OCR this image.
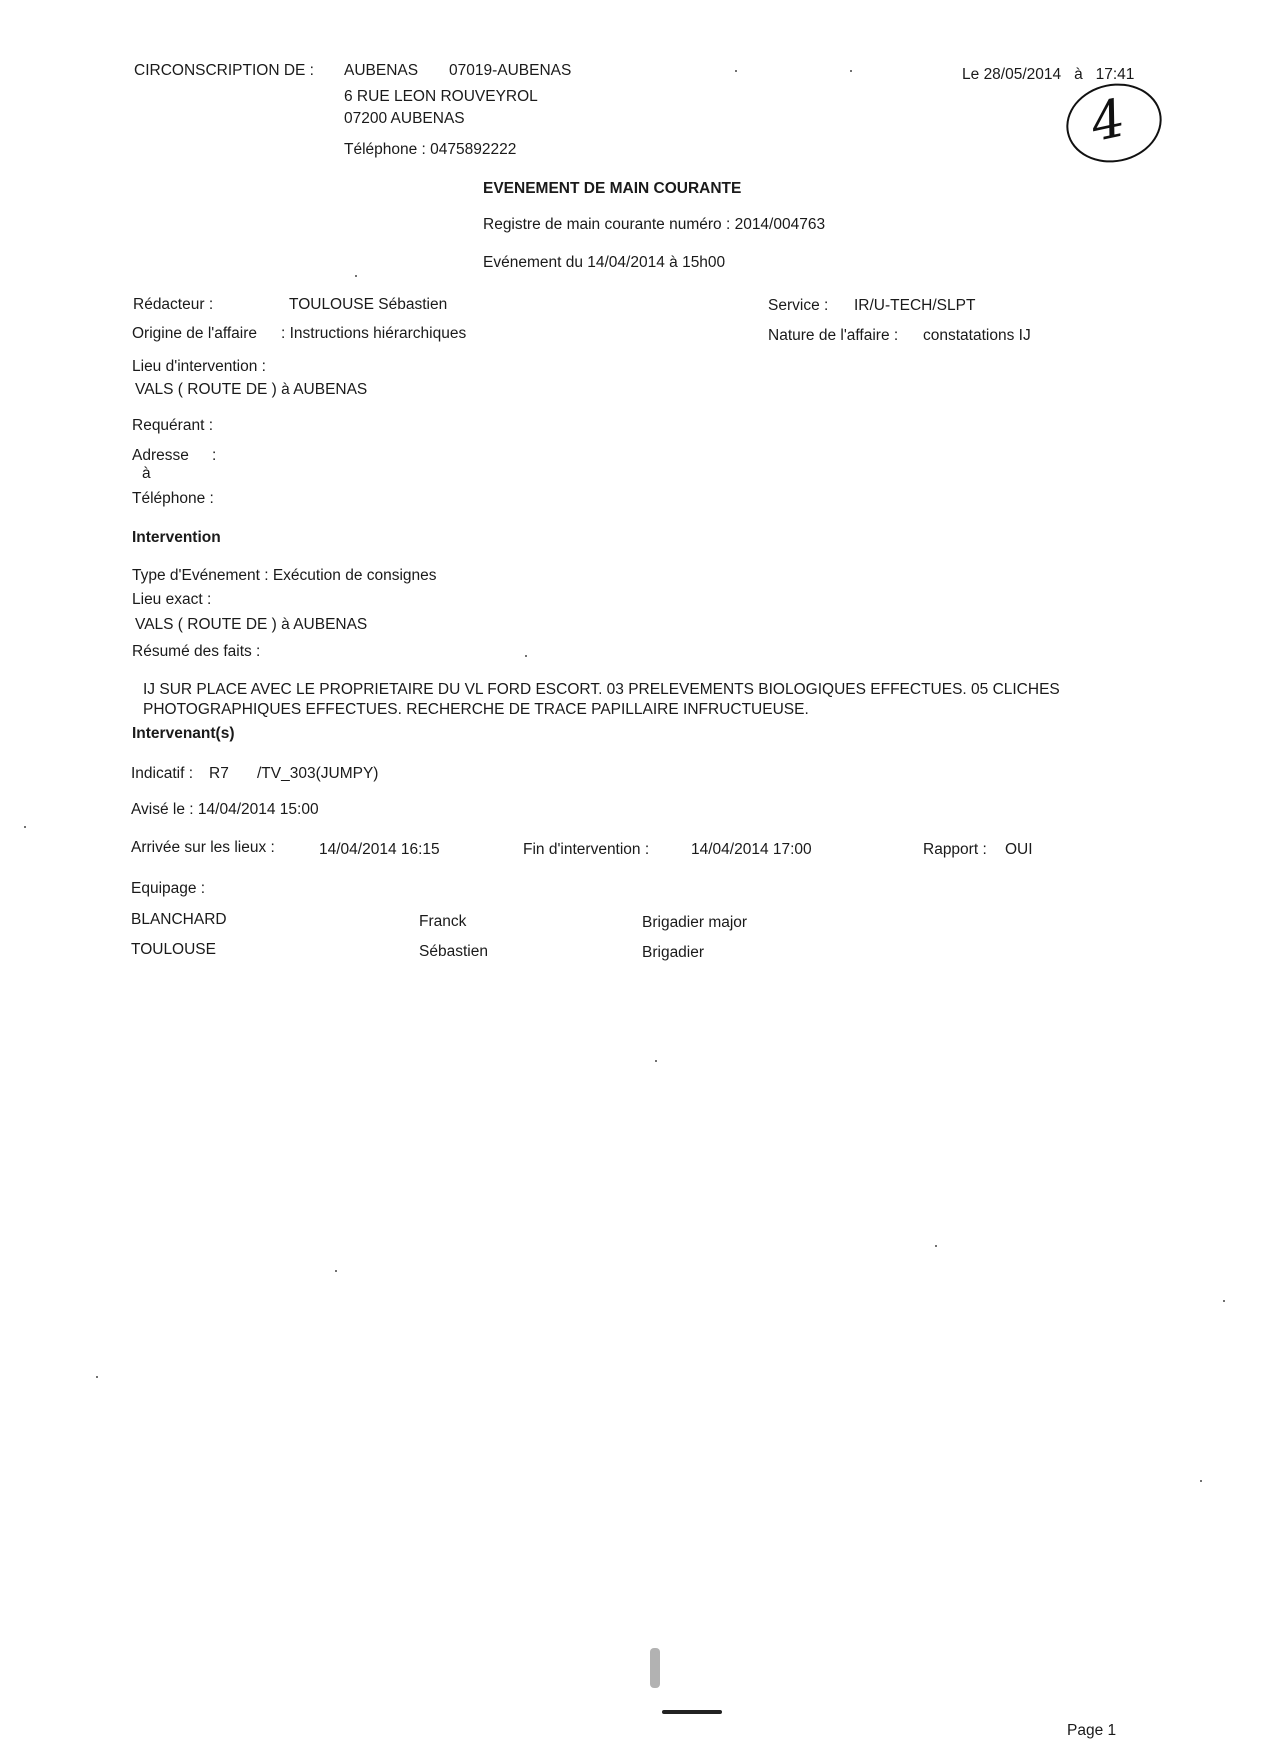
CIRCONSCRIPTION DE : AUBENAS 07019-AUBENAS
6 RUE LEON ROUVEYROL
07200 AUBENAS
Téléphone : 0475892222
Le 28/05/2014 à 17:41
4
EVENEMENT DE MAIN COURANTE
Registre de main courante numéro : 2014/004763
Evénement du 14/04/2014 à 15h00
Rédacteur :	TOULOUSE Sébastien	Service : IR/U-TECH/SLPT
Origine de l'affaire : Instructions hiérarchiques	Nature de l'affaire : constatations IJ
Lieu d'intervention :
VALS ( ROUTE DE ) à AUBENAS
Requérant :
Adresse :
à
Téléphone :
Intervention
Type d'Evénement : Exécution de consignes
Lieu exact :
VALS ( ROUTE DE ) à AUBENAS
Résumé des faits :
IJ SUR PLACE AVEC LE PROPRIETAIRE DU VL FORD ESCORT. 03 PRELEVEMENTS BIOLOGIQUES EFFECTUES. 05 CLICHES
PHOTOGRAPHIQUES EFFECTUES. RECHERCHE DE TRACE PAPILLAIRE INFRUCTUEUSE.
Intervenant(s)
Indicatif : R7 /TV_303(JUMPY)
Avisé le : 14/04/2014 15:00
Arrivée sur les lieux :	14/04/2014 16:15	Fin d'intervention :	14/04/2014 17:00	Rapport : OUI
Equipage :
BLANCHARD	Franck	Brigadier major
TOULOUSE	Sébastien	Brigadier
Page 1
